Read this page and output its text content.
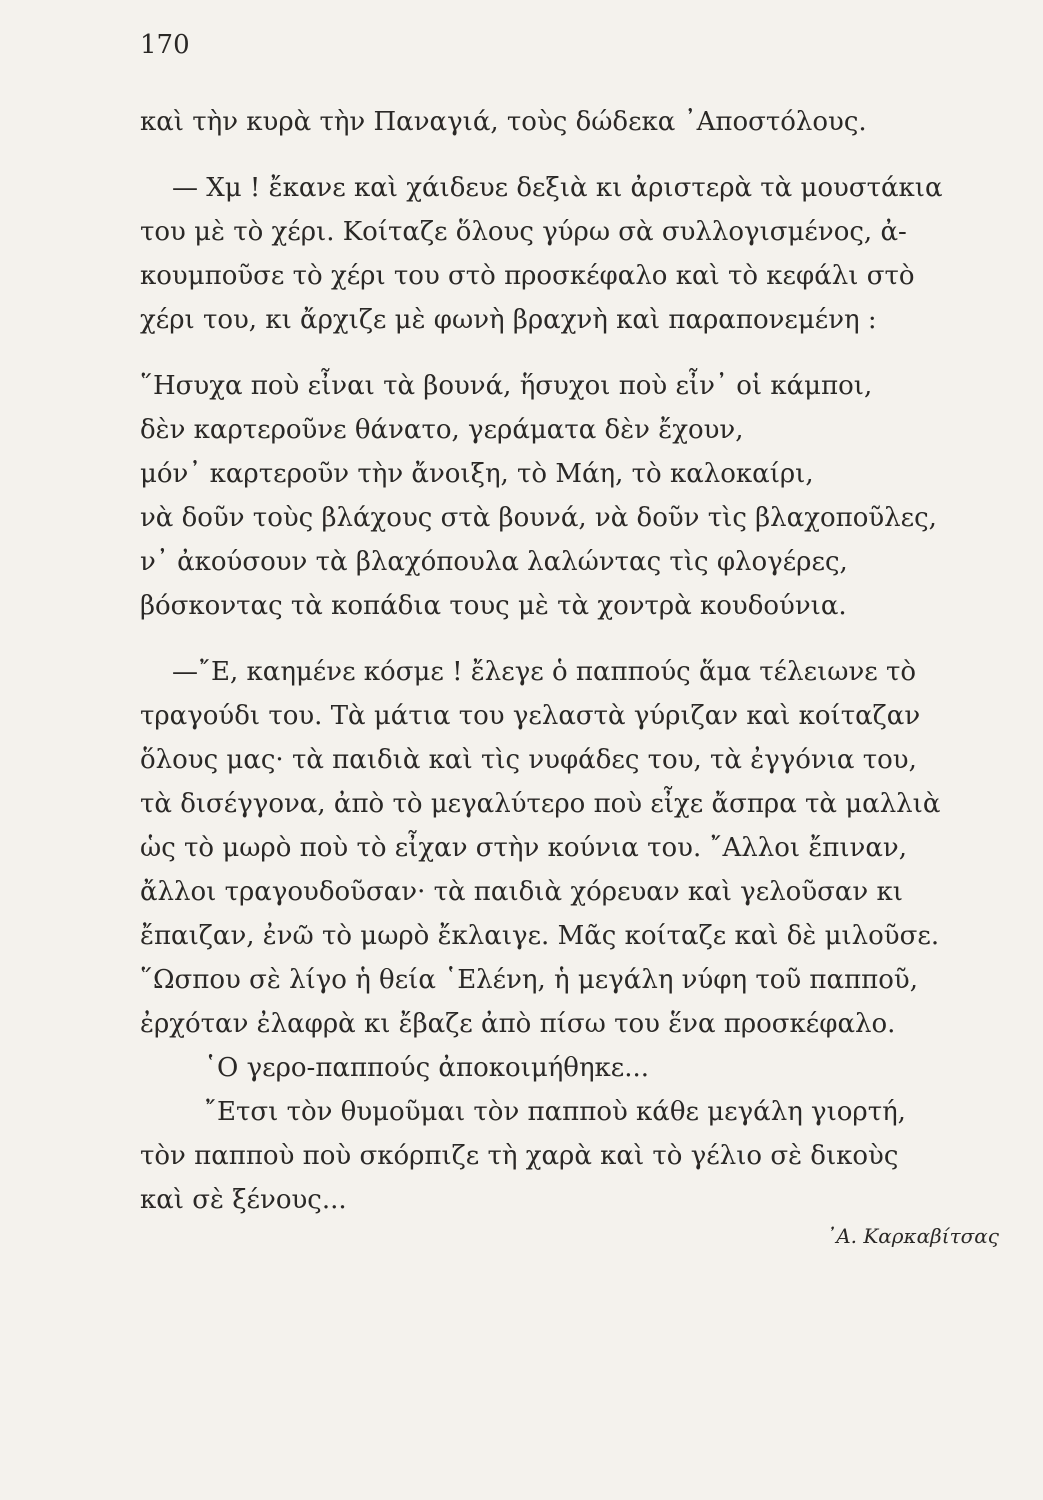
170
καὶ τὴν κυρὰ τὴν Παναγιά, τοὺς δώδεκα ᾿Αποστόλους.
— Χμ ! ἔκανε καὶ χάιδευε δεξιὰ κι ἀριστερὰ τὰ μουστάκια
του μὲ τὸ χέρι. Κοίταζε ὅλους γύρω σὰ συλλογισμένος, ἀ-
κουμποῦσε τὸ χέρι του στὸ προσκέφαλο καὶ τὸ κεφάλι στὸ
χέρι του, κι ἄρχιζε μὲ φωνὴ βραχνὴ καὶ παραπονεμένη :
῞Ησυχα ποὺ εἶναι τὰ βουνά, ἥσυχοι ποὺ εἶν᾿ οἱ κάμποι,
δὲν καρτεροῦνε θάνατο, γεράματα δὲν ἔχουν,
μόν᾿ καρτεροῦν τὴν ἄνοιξη, τὸ Μάη, τὸ καλοκαίρι,
νὰ δοῦν τοὺς βλάχους στὰ βουνά, νὰ δοῦν τὶς βλαχοποῦλες,
ν᾿ ἀκούσουν τὰ βλαχόπουλα λαλώντας τὶς φλογέρες,
βόσκοντας τὰ κοπάδια τους μὲ τὰ χοντρὰ κουδούνια.
—῎Ε, καημένε κόσμε ! ἔλεγε ὁ παππούς ἅμα τέλειωνε τὸ
τραγούδι του. Τὰ μάτια του γελαστὰ γύριζαν καὶ κοίταζαν
ὅλους μας· τὰ παιδιὰ καὶ τὶς νυφάδες του, τὰ ἐγγόνια του,
τὰ δισέγγονα, ἀπὸ τὸ μεγαλύτερο ποὺ εἶχε ἄσπρα τὰ μαλλιὰ
ὡς τὸ μωρὸ ποὺ τὸ εἶχαν στὴν κούνια του. ῎Αλλοι ἔπιναν,
ἄλλοι τραγουδοῦσαν· τὰ παιδιὰ χόρευαν καὶ γελοῦσαν κι
ἔπαιζαν, ἐνῶ τὸ μωρὸ ἔκλαιγε. Μᾶς κοίταζε καὶ δὲ μιλοῦσε.
῞Ωσπου σὲ λίγο ἡ θεία ῾Ελένη, ἡ μεγάλη νύφη τοῦ παπποῦ,
ἐρχόταν ἐλαφρὰ κι ἔβαζε ἀπὸ πίσω του ἕνα προσκέφαλο.
῾Ο γερο-παππούς ἀποκοιμήθηκε...
῎Ετσι τὸν θυμοῦμαι τὸν παπποὺ κάθε μεγάλη γιορτή,
τὸν παπποὺ ποὺ σκόρπιζε τὴ χαρὰ καὶ τὸ γέλιο σὲ δικοὺς
καὶ σὲ ξένους...
᾿Α. Καρκαβίτσας
